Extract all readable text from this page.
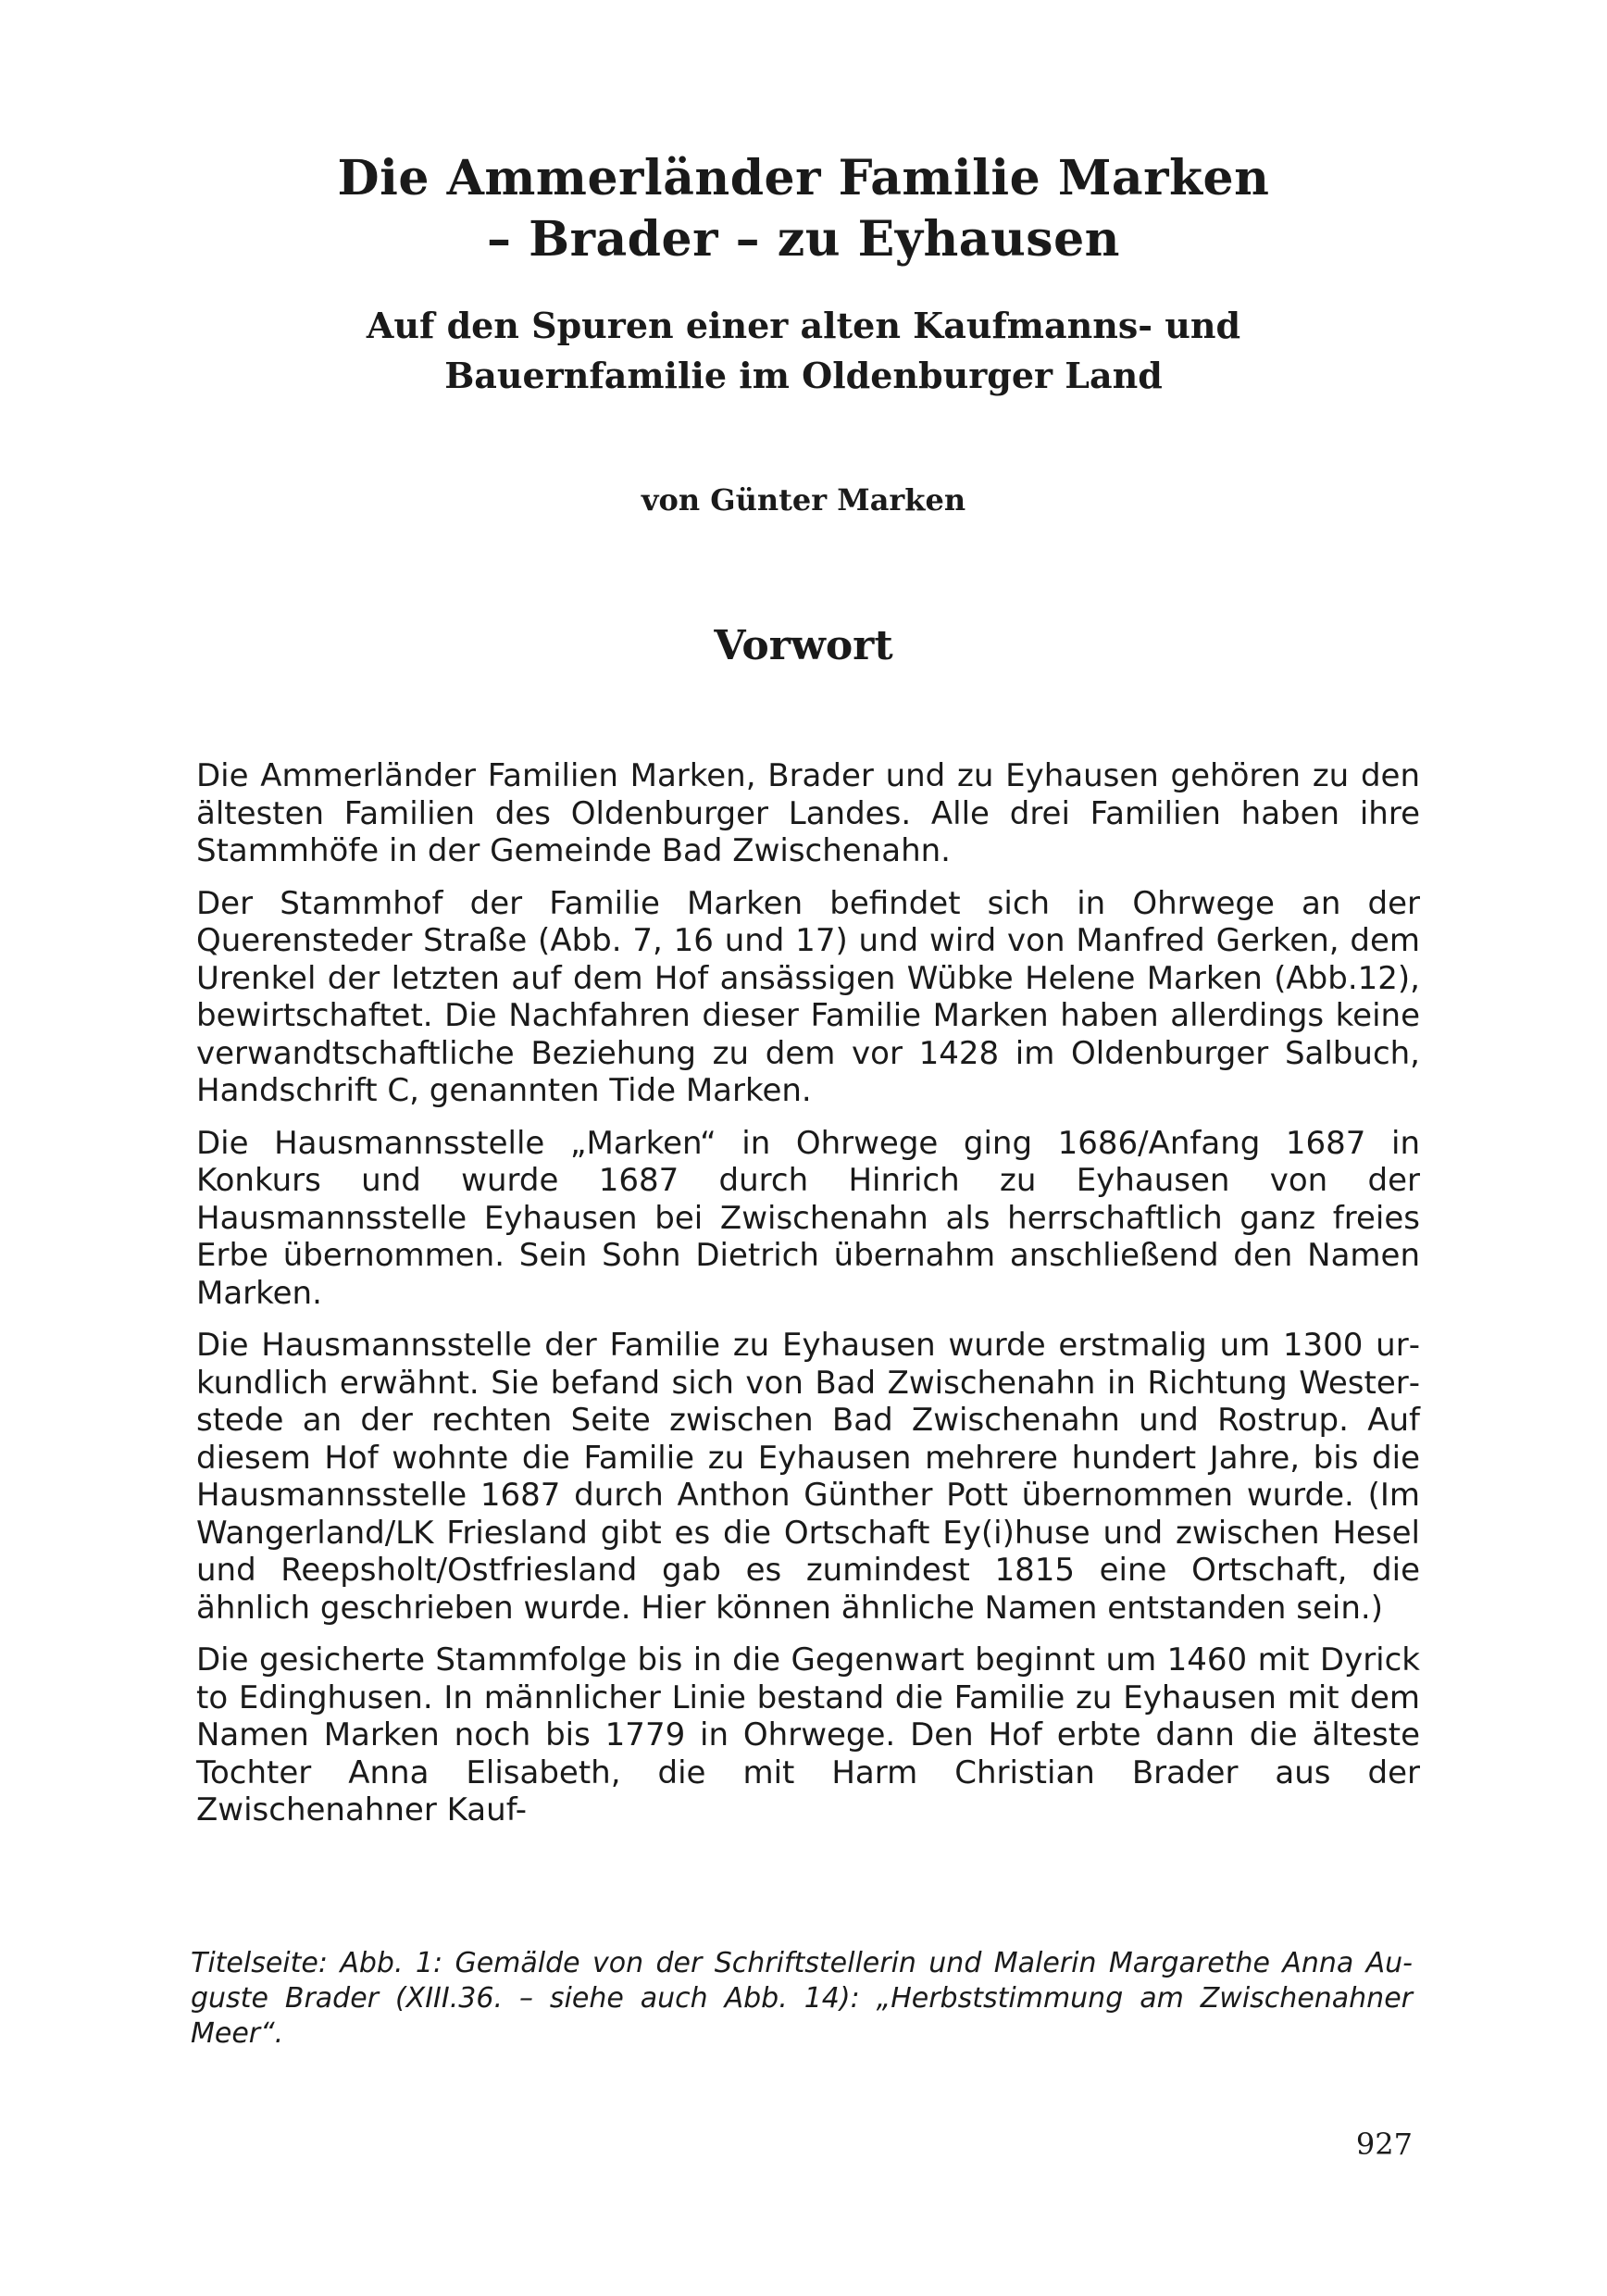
Die Ammerländer Familie Marken
– Brader – zu Eyhausen
Auf den Spuren einer alten Kaufmanns- und
Bauernfamilie im Oldenburger Land

von Günter Marken

Vorwort

Die Ammerländer Familien Marken, Brader und zu Eyhausen gehören zu den ältesten Familien des Oldenburger Landes. Alle drei Familien haben ihre Stammhöfe in der Gemeinde Bad Zwischenahn.

Der Stammhof der Familie Marken befindet sich in Ohrwege an der Querensteder Straße (Abb. 7, 16 und 17) und wird von Manfred Gerken, dem Urenkel der letzten auf dem Hof ansässigen Wübke Helene Marken (Abb.12), bewirtschaftet. Die Nachfahren dieser Familie Marken haben allerdings keine verwandtschaftliche Beziehung zu dem vor 1428 im Oldenburger Salbuch, Handschrift C, genannten Tide Marken.

Die Hausmannsstelle „Marken“ in Ohrwege ging 1686/Anfang 1687 in Konkurs und wurde 1687 durch Hinrich zu Eyhausen von der Hausmannsstelle Eyhausen bei Zwischenahn als herrschaftlich ganz freies Erbe übernommen. Sein Sohn Dietrich übernahm anschließend den Namen Marken.

Die Hausmannsstelle der Familie zu Eyhausen wurde erstmalig um 1300 urkundlich erwähnt. Sie befand sich von Bad Zwischenahn in Richtung Westerstede an der rechten Seite zwischen Bad Zwischenahn und Rostrup. Auf diesem Hof wohnte die Familie zu Eyhausen mehrere hundert Jahre, bis die Hausmannsstelle 1687 durch Anthon Günther Pott übernommen wurde. (Im Wangerland/LK Friesland gibt es die Ortschaft Ey(i)huse und zwischen Hesel und Reepsholt/Ostfriesland gab es zumindest 1815 eine Ortschaft, die ähnlich geschrieben wurde. Hier können ähnliche Namen entstanden sein.)

Die gesicherte Stammfolge bis in die Gegenwart beginnt um 1460 mit Dyrick to Edinghusen. In männlicher Linie bestand die Familie zu Eyhausen mit dem Namen Marken noch bis 1779 in Ohrwege. Den Hof erbte dann die älteste Tochter Anna Elisabeth, die mit Harm Christian Brader aus der Zwischenahner Kauf-

Titelseite: Abb. 1: Gemälde von der Schriftstellerin und Malerin Margarethe Anna Auguste Brader (XIII.36. – siehe auch Abb. 14): „Herbststimmung am Zwischenahner Meer“.

927
